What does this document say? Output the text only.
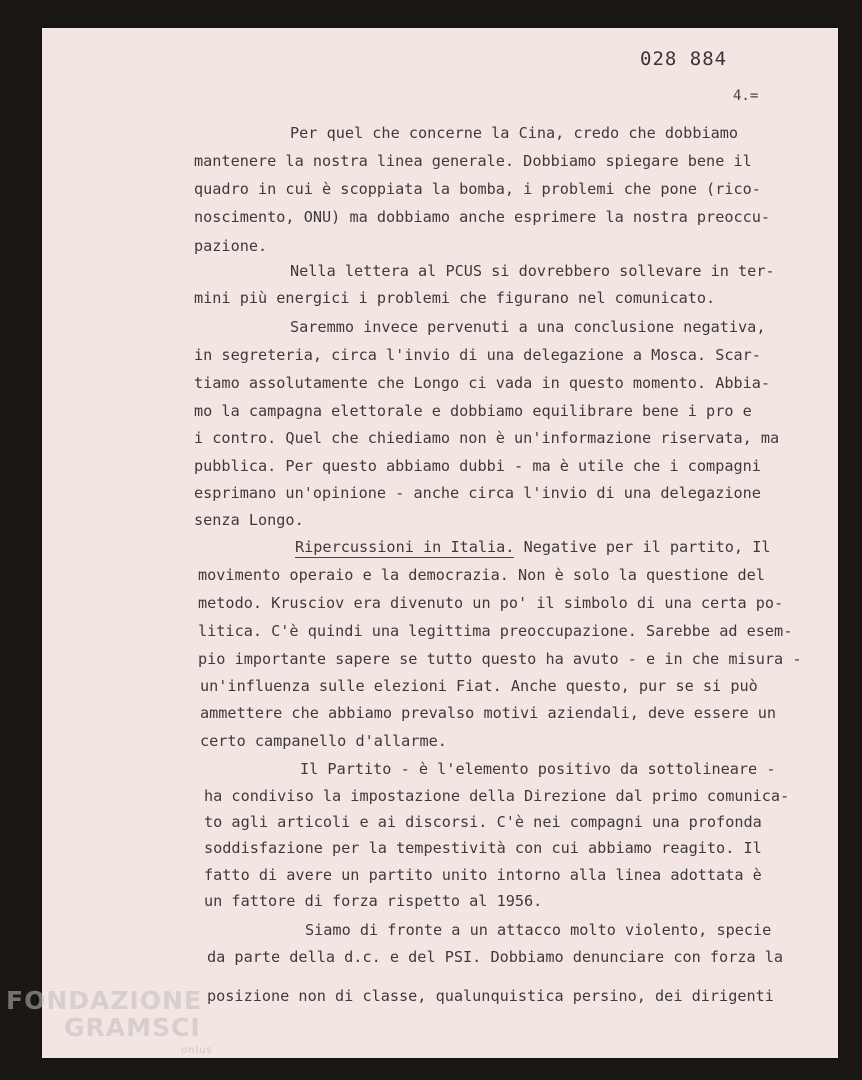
028 884
4.=
Per quel che concerne la Cina, credo che dobbiamo
mantenere la nostra linea generale. Dobbiamo spiegare bene il
quadro in cui è scoppiata la bomba, i problemi che pone (rico-
noscimento, ONU) ma dobbiamo anche esprimere la nostra preoccu-
pazione.
Nella lettera al PCUS si dovrebbero sollevare in ter-
mini più energici i problemi che figurano nel comunicato.
Saremmo invece pervenuti a una conclusione negativa,
in segreteria, circa l'invio di una delegazione a Mosca. Scar-
tiamo assolutamente che Longo ci vada in questo momento. Abbia-
mo la campagna elettorale e dobbiamo equilibrare bene i pro e
i contro. Quel che chiediamo non è un'informazione riservata, ma
pubblica. Per questo abbiamo dubbi - ma è utile che i compagni
esprimano un'opinione - anche circa l'invio di una delegazione
senza Longo.
Ripercussioni in Italia. Negative per il partito, Il
movimento operaio e la democrazia. Non è solo la questione del
metodo. Krusciov era divenuto un po' il simbolo di una certa po-
litica. C'è quindi una legittima preoccupazione. Sarebbe ad esem-
pio importante sapere se tutto questo ha avuto - e in che misura -
un'influenza sulle elezioni Fiat. Anche questo, pur se si può
ammettere che abbiamo prevalso motivi aziendali, deve essere un
certo campanello d'allarme.
Il Partito - è l'elemento positivo da sottolineare -
ha condiviso la impostazione della Direzione dal primo comunica-
to agli articoli e ai discorsi. C'è nei compagni una profonda
soddisfazione per la tempestività con cui abbiamo reagito. Il
fatto di avere un partito unito intorno alla linea adottata è
un fattore di forza rispetto al 1956.
Siamo di fronte a un attacco molto violento, specie
da parte della d.c. e del PSI. Dobbiamo denunciare con forza la
posizione non di classe, qualunquistica persino, dei dirigenti
FONDAZIONE
GRAMSCI
onlus
